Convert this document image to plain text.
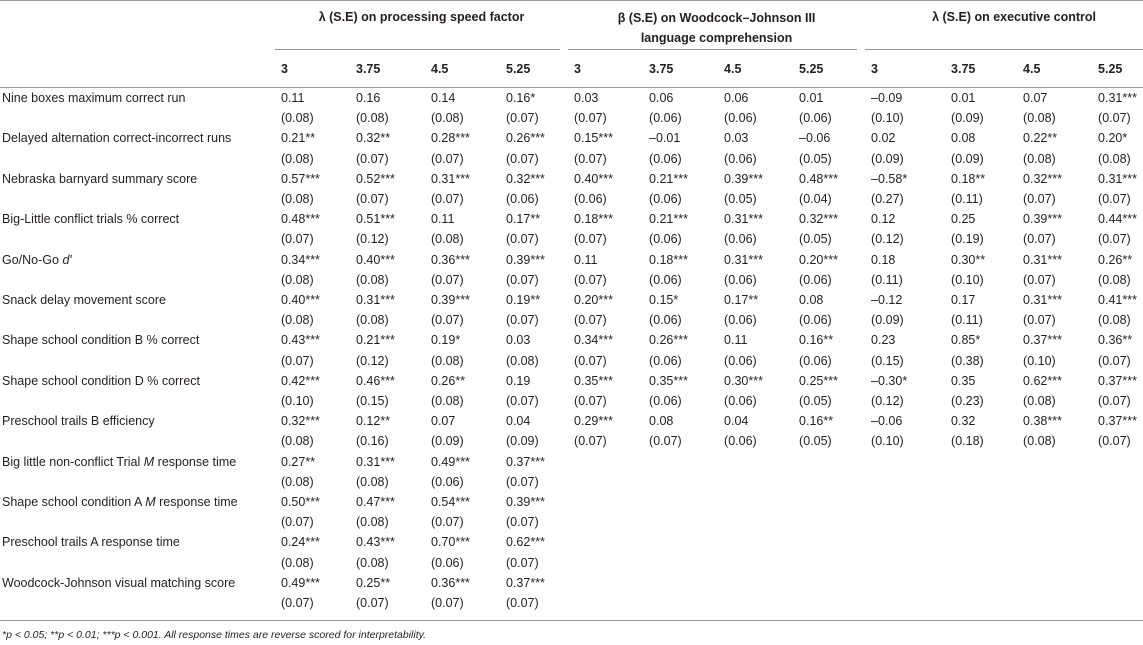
	λ (S.E) on processing speed factor				β (S.E) on Woodcock–Johnson III
language comprehension				λ (S.E) on executive control			

	3	3.75	4.5	5.25	3	3.75	4.5	5.25	3	3.75	4.5	5.25
Nine boxes maximum correct run	0.11	0.16	0.14	0.16*	0.03	0.06	0.06	0.01	–0.09	0.01	0.07	0.31***
	(0.08)	(0.08)	(0.08)	(0.07)	(0.07)	(0.06)	(0.06)	(0.06)	(0.10)	(0.09)	(0.08)	(0.07)
Delayed alternation correct-incorrect runs	0.21**	0.32**	0.28***	0.26***	0.15***	–0.01	0.03	–0.06	0.02	0.08	0.22**	0.20*
	(0.08)	(0.07)	(0.07)	(0.07)	(0.07)	(0.06)	(0.06)	(0.05)	(0.09)	(0.09)	(0.08)	(0.08)
Nebraska barnyard summary score	0.57***	0.52***	0.31***	0.32***	0.40***	0.21***	0.39***	0.48***	–0.58*	0.18**	0.32***	0.31***
	(0.08)	(0.07)	(0.07)	(0.06)	(0.06)	(0.06)	(0.05)	(0.04)	(0.27)	(0.11)	(0.07)	(0.07)
Big-Little conflict trials % correct	0.48***	0.51***	0.11	0.17**	0.18***	0.21***	0.31***	0.32***	0.12	0.25	0.39***	0.44***
	(0.07)	(0.12)	(0.08)	(0.07)	(0.07)	(0.06)	(0.06)	(0.05)	(0.12)	(0.19)	(0.07)	(0.07)
Go/No-Go d′	0.34***	0.40***	0.36***	0.39***	0.11	0.18***	0.31***	0.20***	0.18	0.30**	0.31***	0.26**
	(0.08)	(0.08)	(0.07)	(0.07)	(0.07)	(0.06)	(0.06)	(0.06)	(0.11)	(0.10)	(0.07)	(0.08)
Snack delay movement score	0.40***	0.31***	0.39***	0.19**	0.20***	0.15*	0.17**	0.08	–0.12	0.17	0.31***	0.41***
	(0.08)	(0.08)	(0.07)	(0.07)	(0.07)	(0.06)	(0.06)	(0.06)	(0.09)	(0.11)	(0.07)	(0.08)
Shape school condition B % correct	0.43***	0.21***	0.19*	0.03	0.34***	0.26***	0.11	0.16**	0.23	0.85*	0.37***	0.36**
	(0.07)	(0.12)	(0.08)	(0.08)	(0.07)	(0.06)	(0.06)	(0.06)	(0.15)	(0.38)	(0.10)	(0.07)
Shape school condition D % correct	0.42***	0.46***	0.26**	0.19	0.35***	0.35***	0.30***	0.25***	–0.30*	0.35	0.62***	0.37***
	(0.10)	(0.15)	(0.08)	(0.07)	(0.07)	(0.06)	(0.06)	(0.05)	(0.12)	(0.23)	(0.08)	(0.07)
Preschool trails B efficiency	0.32***	0.12**	0.07	0.04	0.29***	0.08	0.04	0.16**	–0.06	0.32	0.38***	0.37***
	(0.08)	(0.16)	(0.09)	(0.09)	(0.07)	(0.07)	(0.06)	(0.05)	(0.10)	(0.18)	(0.08)	(0.07)
Big little non-conflict Trial M response time	0.27**	0.31***	0.49***	0.37***								
	(0.08)	(0.08)	(0.06)	(0.07)								
Shape school condition A M response time	0.50***	0.47***	0.54***	0.39***								
	(0.07)	(0.08)	(0.07)	(0.07)								
Preschool trails A response time	0.24***	0.43***	0.70***	0.62***								
	(0.08)	(0.08)	(0.06)	(0.07)								
Woodcock-Johnson visual matching score	0.49***	0.25**	0.36***	0.37***								
	(0.07)	(0.07)	(0.07)	(0.07)								
*p < 0.05; **p < 0.01; ***p < 0.001. All response times are reverse scored for interpretability.
